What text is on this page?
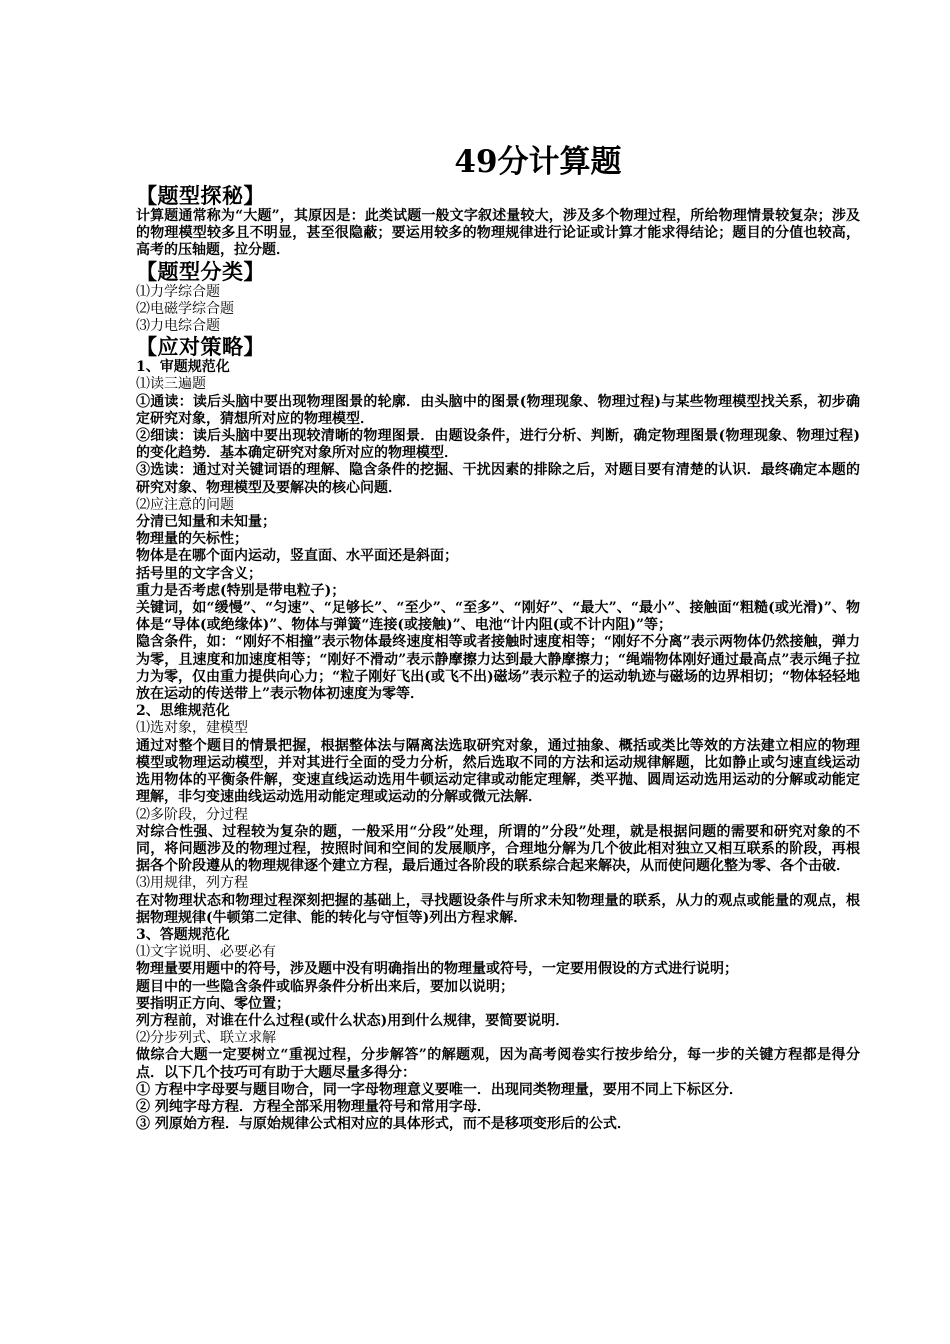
49分计算题
【题型探秘】

计算题通常称为“大题”，其原因是：此类试题一般文字叙述量较大，涉及多个物理过程，所给物理情景较复杂；涉及的物理模型较多且不明显，甚至很隐蔽；要运用较多的物理规律进行论证或计算才能求得结论；题目的分值也较高，高考的压轴题，拉分题．

【题型分类】

⑴力学综合题

⑵电磁学综合题

⑶力电综合题

【应对策略】

1、审题规范化

⑴读三遍题

①通读：读后头脑中要出现物理图景的轮廓．由头脑中的图景(物理现象、物理过程)与某些物理模型找关系，初步确定研究对象，猜想所对应的物理模型．

②细读：读后头脑中要出现较清晰的物理图景．由题设条件，进行分析、判断，确定物理图景(物理现象、物理过程)的变化趋势．基本确定研究对象所对应的物理模型．

③选读：通过对关键词语的理解、隐含条件的挖掘、干扰因素的排除之后，对题目要有清楚的认识．最终确定本题的研究对象、物理模型及要解决的核心问题．

⑵应注意的问题

分清已知量和未知量；

物理量的矢标性；

物体是在哪个面内运动，竖直面、水平面还是斜面；

括号里的文字含义；

重力是否考虑(特别是带电粒子)；

关键词，如“缓慢”、“匀速”、“足够长”、“至少”、“至多”、“刚好”、“最大”、“最小”、接触面“粗糙(或光滑)”、物体是“导体(或绝缘体)”、物体与弹簧“连接(或接触)”、电池“计内阻(或不计内阻)”等；

隐含条件，如：“刚好不相撞”表示物体最终速度相等或者接触时速度相等；“刚好不分离”表示两物体仍然接触，弹力为零，且速度和加速度相等；“刚好不滑动”表示静摩擦力达到最大静摩擦力；“绳端物体刚好通过最高点”表示绳子拉力为零，仅由重力提供向心力；“粒子刚好飞出(或飞不出)磁场”表示粒子的运动轨迹与磁场的边界相切；“物体轻轻地放在运动的传送带上”表示物体初速度为零等．

2、思维规范化

⑴选对象，建模型

通过对整个题目的情景把握，根据整体法与隔离法选取研究对象，通过抽象、概括或类比等效的方法建立相应的物理模型或物理运动模型，并对其进行全面的受力分析，然后选取不同的方法和运动规律解题，比如静止或匀速直线运动选用物体的平衡条件解，变速直线运动选用牛顿运动定律或动能定理解，类平抛、圆周运动选用运动的分解或动能定理解，非匀变速曲线运动选用动能定理或运动的分解或微元法解．

⑵多阶段，分过程

对综合性强、过程较为复杂的题，一般采用“分段”处理，所谓的”分段”处理，就是根据问题的需要和研究对象的不同，将问题涉及的物理过程，按照时间和空间的发展顺序，合理地分解为几个彼此相对独立又相互联系的阶段，再根据各个阶段遵从的物理规律逐个建立方程，最后通过各阶段的联系综合起来解决，从而使问题化整为零、各个击破．

⑶用规律，列方程

在对物理状态和物理过程深刻把握的基础上，寻找题设条件与所求未知物理量的联系，从力的观点或能量的观点，根据物理规律(牛顿第二定律、能的转化与守恒等)列出方程求解．

3、答题规范化

⑴文字说明、必要必有

物理量要用题中的符号，涉及题中没有明确指出的物理量或符号，一定要用假设的方式进行说明；

题目中的一些隐含条件或临界条件分析出来后，要加以说明；

要指明正方向、零位置；

列方程前，对谁在什么过程(或什么状态)用到什么规律，要简要说明．

⑵分步列式、联立求解

做综合大题一定要树立“重视过程，分步解答”的解题观，因为高考阅卷实行按步给分，每一步的关键方程都是得分点．以下几个技巧可有助于大题尽量多得分：

① 方程中字母要与题目吻合，同一字母物理意义要唯一．出现同类物理量，要用不同上下标区分．

② 列纯字母方程．方程全部采用物理量符号和常用字母．

③ 列原始方程．与原始规律公式相对应的具体形式，而不是移项变形后的公式．
